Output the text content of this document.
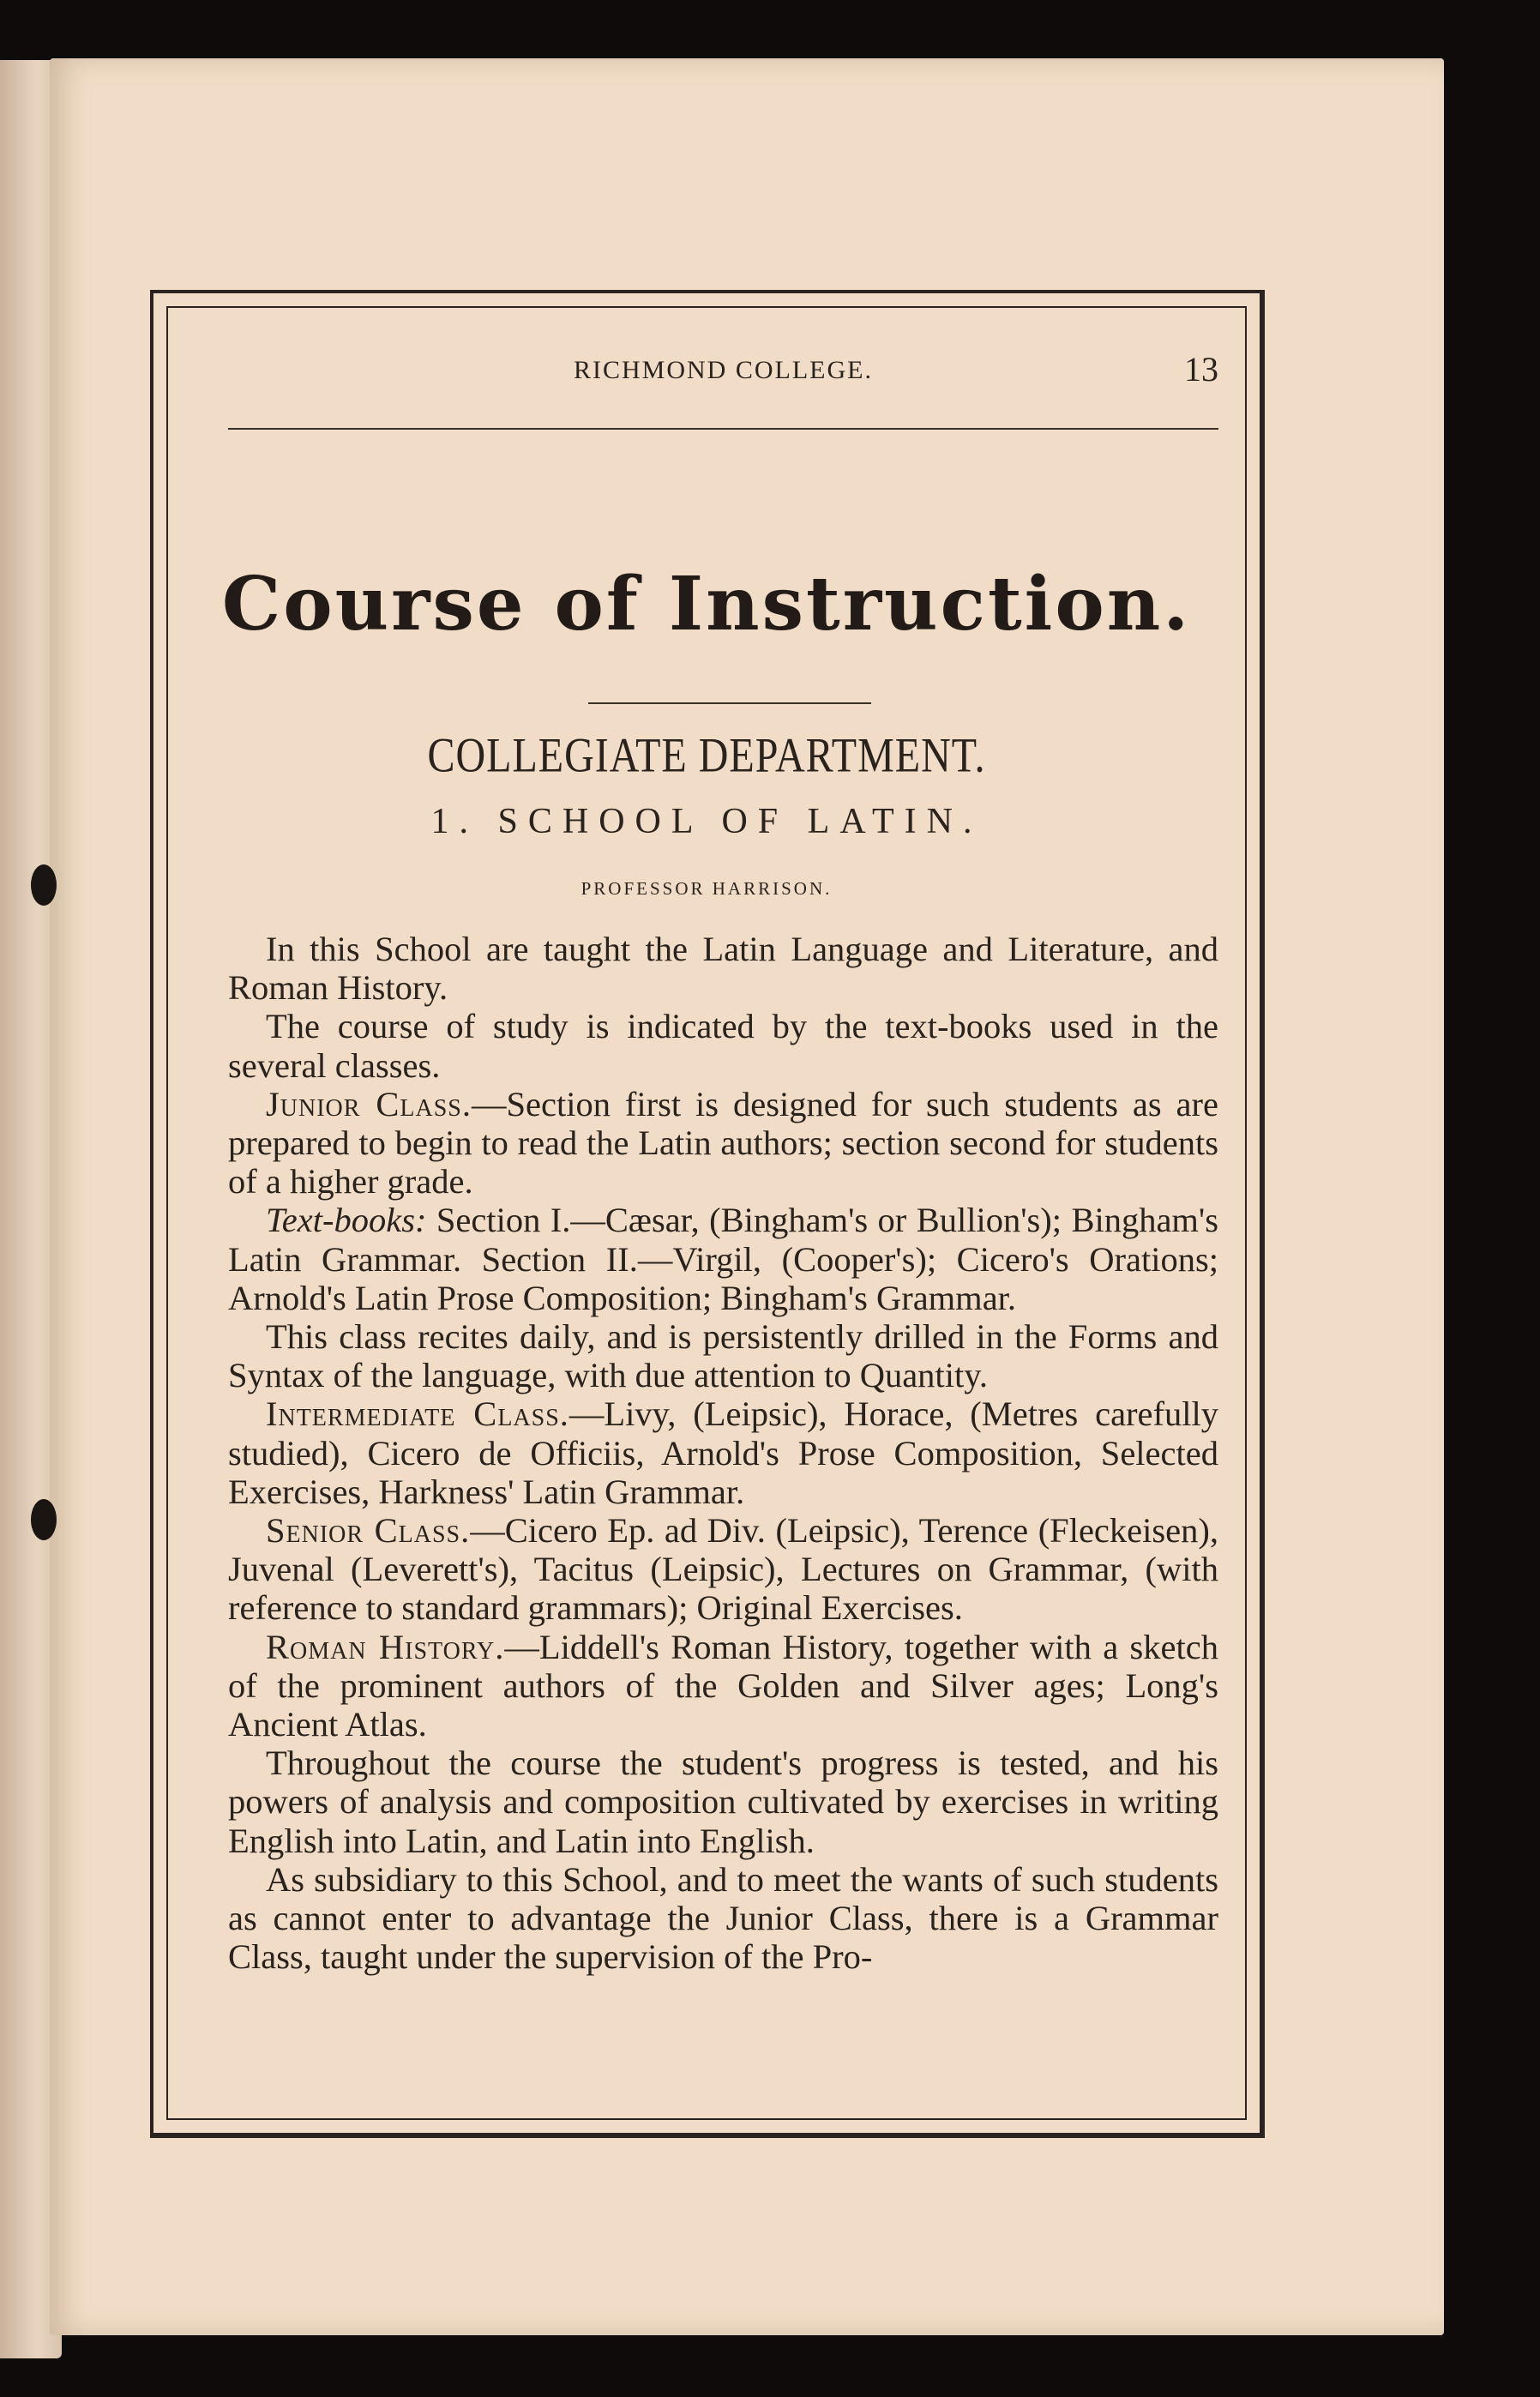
RICHMOND COLLEGE.	13
Course of Instruction.
COLLEGIATE DEPARTMENT.
1. SCHOOL OF LATIN.
PROFESSOR HARRISON.

In this School are taught the Latin Language and Literature, and Roman History.

The course of study is indicated by the text-books used in the several classes.

Junior Class.—Section first is designed for such students as are prepared to begin to read the Latin authors; section second for students of a higher grade.

Text-books: Section I.—Cæsar, (Bingham's or Bullion's); Bingham's Latin Grammar. Section II.—Virgil, (Cooper's); Cicero's Orations; Arnold's Latin Prose Composition; Bingham's Grammar.

This class recites daily, and is persistently drilled in the Forms and Syntax of the language, with due attention to Quantity.

Intermediate Class.—Livy, (Leipsic), Horace, (Metres carefully studied), Cicero de Officiis, Arnold's Prose Composition, Selected Exercises, Harkness' Latin Grammar.

Senior Class.—Cicero Ep. ad Div. (Leipsic), Terence (Fleckeisen), Juvenal (Leverett's), Tacitus (Leipsic), Lectures on Grammar, (with reference to standard grammars); Original Exercises.

Roman History.—Liddell's Roman History, together with a sketch of the prominent authors of the Golden and Silver ages; Long's Ancient Atlas.

Throughout the course the student's progress is tested, and his powers of analysis and composition cultivated by exercises in writing English into Latin, and Latin into English.

As subsidiary to this School, and to meet the wants of such students as cannot enter to advantage the Junior Class, there is a Grammar Class, taught under the supervision of the Pro-
